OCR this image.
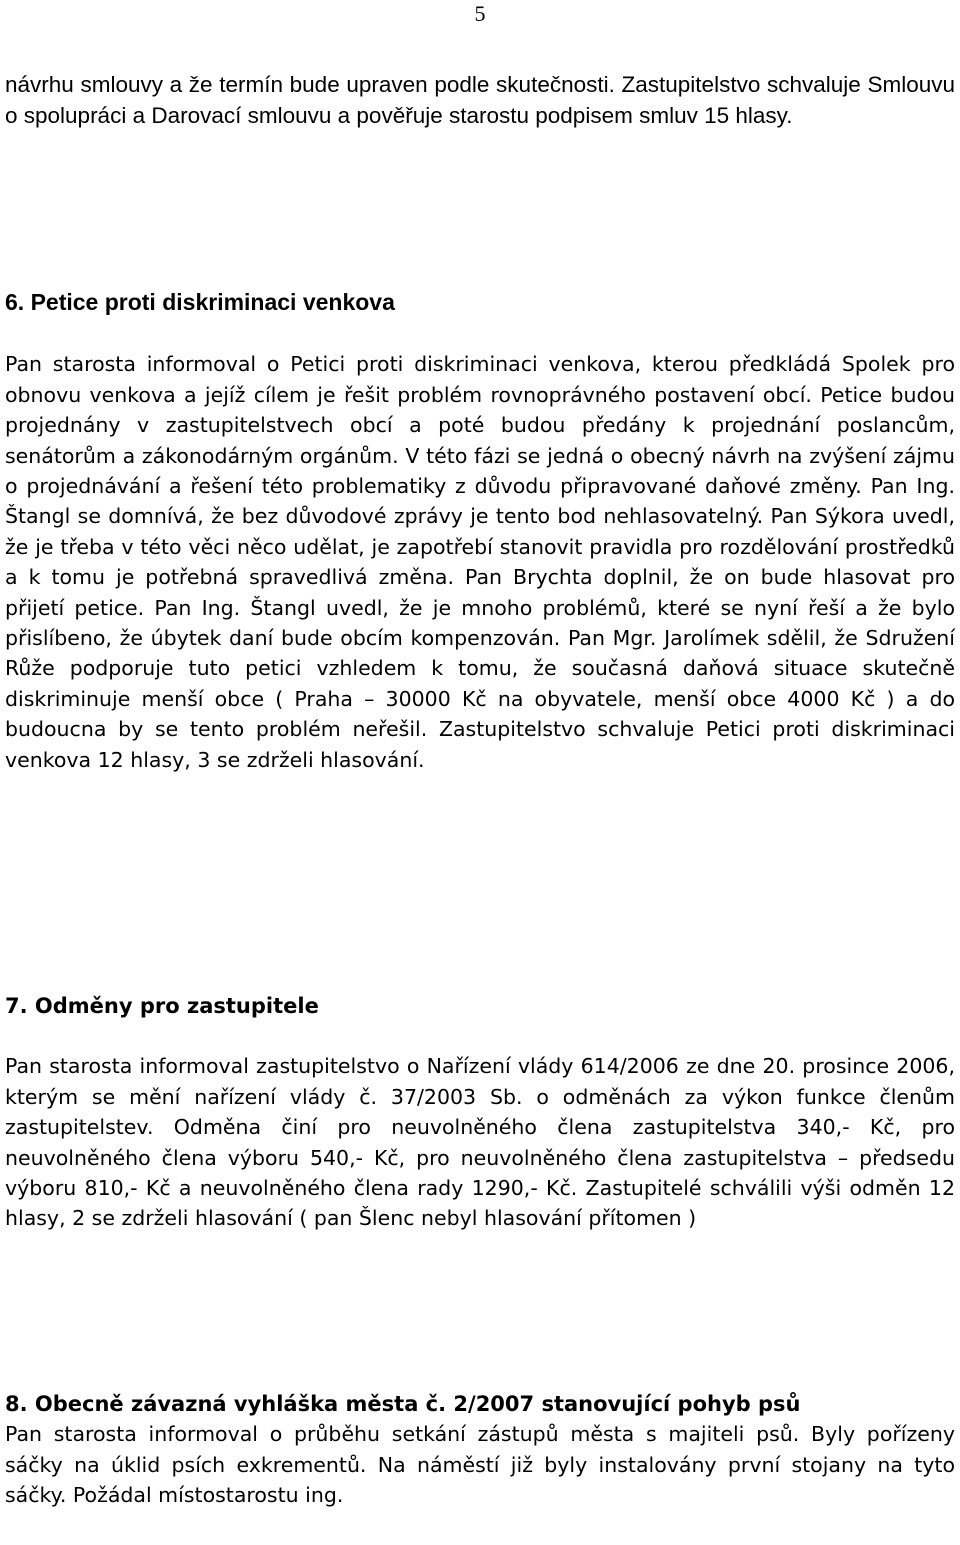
5

návrhu smlouvy a že termín bude upraven podle skutečnosti. Zastupitelstvo schvaluje Smlouvu o spolupráci a Darovací smlouvu a pověřuje starostu podpisem smluv 15 hlasy.

6. Petice proti diskriminaci venkova

Pan starosta informoval o Petici proti diskriminaci venkova, kterou předkládá Spolek pro obnovu venkova a jejíž cílem je řešit problém rovnoprávného postavení obcí. Petice budou projednány v zastupitelstvech obcí a poté budou předány k projednání poslancům, senátorům a zákonodárným orgánům. V této fázi se jedná o obecný návrh na zvýšení zájmu o projednávání a řešení této problematiky z důvodu připravované daňové změny. Pan Ing. Štangl se domnívá, že bez důvodové zprávy je tento bod nehlasovatelný. Pan Sýkora uvedl, že je třeba v této věci něco udělat, je zapotřebí stanovit pravidla pro rozdělování prostředků a k tomu je potřebná spravedlivá změna. Pan Brychta doplnil, že on bude hlasovat pro přijetí petice. Pan Ing. Štangl uvedl, že je mnoho problémů, které se nyní řeší a že bylo přislíbeno, že úbytek daní bude obcím kompenzován. Pan Mgr. Jarolímek sdělil, že Sdružení Růže podporuje tuto petici vzhledem k tomu, že současná daňová situace skutečně diskriminuje menší obce ( Praha – 30000 Kč na obyvatele, menší obce 4000 Kč ) a do budoucna by se tento problém neřešil. Zastupitelstvo schvaluje Petici proti diskriminaci venkova 12 hlasy, 3 se zdrželi hlasování.

7. Odměny pro zastupitele

Pan starosta informoval zastupitelstvo o Nařízení vlády 614/2006 ze dne 20. prosince 2006, kterým se mění nařízení vlády č. 37/2003 Sb. o odměnách za výkon funkce členům zastupitelstev. Odměna činí pro neuvolněného člena zastupitelstva 340,- Kč, pro neuvolněného člena výboru 540,- Kč, pro neuvolněného člena zastupitelstva – předsedu výboru 810,- Kč a neuvolněného člena rady 1290,- Kč. Zastupitelé schválili výši odměn 12 hlasy, 2 se zdrželi hlasování ( pan Šlenc nebyl hlasování přítomen )

8. Obecně závazná vyhláška města č. 2/2007 stanovující pohyb psů

Pan starosta informoval o průběhu setkání zástupů města s majiteli psů. Byly pořízeny sáčky na úklid psích exkrementů. Na náměstí již byly instalovány první stojany na tyto sáčky. Požádal místostarostu ing.
